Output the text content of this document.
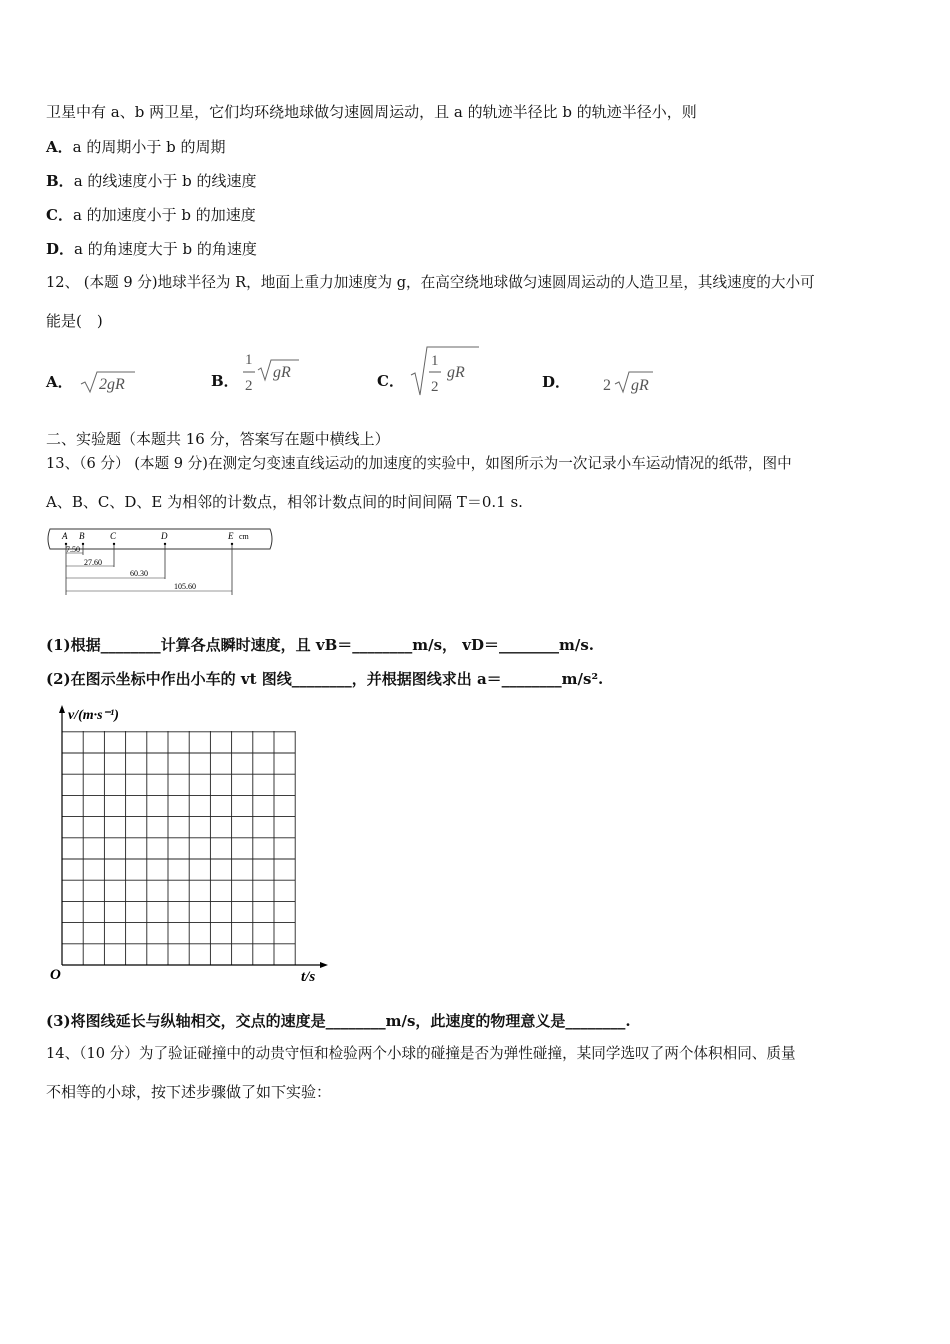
卫星中有 a、b 两卫星，它们均环绕地球做匀速圆周运动，且 a 的轨迹半径比 b 的轨迹半径小，则
A．a 的周期小于 b 的周期
B．a 的线速度小于 b 的线速度
C．a 的加速度小于 b 的加速度
D．a 的角速度大于 b 的角速度
12、 (本题 9 分)地球半径为 R，地面上重力加速度为 g，在高空绕地球做匀速圆周运动的人造卫星，其线速度的大小可
能是(　)
A． 2gR	B．
1
2
gR	C．
1
2
gR
D． 2 gR
二、实验题（本题共 16 分，答案写在题中横线上）
13、（6 分） (本题 9 分)在测定匀变速直线运动的加速度的实验中，如图所示为一次记录小车运动情况的纸带，图中
A、B、C、D、E 为相邻的计数点，相邻计数点间的时间间隔 T＝0.1 s.
A B	C	D	E cm
7.50
27.60
60.30
105.60
(1)根据________计算各点瞬时速度，且 vB＝________m/s， vD＝________m/s.
(2)在图示坐标中作出小车的 vt 图线________，并根据图线求出 a＝________m/s².
v/(m·s⁻¹)
t/s
O
(3)将图线延长与纵轴相交，交点的速度是________m/s，此速度的物理意义是________.
14、（10 分）为了验证碰撞中的动贵守恒和检验两个小球的碰撞是否为弹性碰撞，某同学选叹了两个体积相同、质量
不相等的小球，按下述步骤做了如下实验：
